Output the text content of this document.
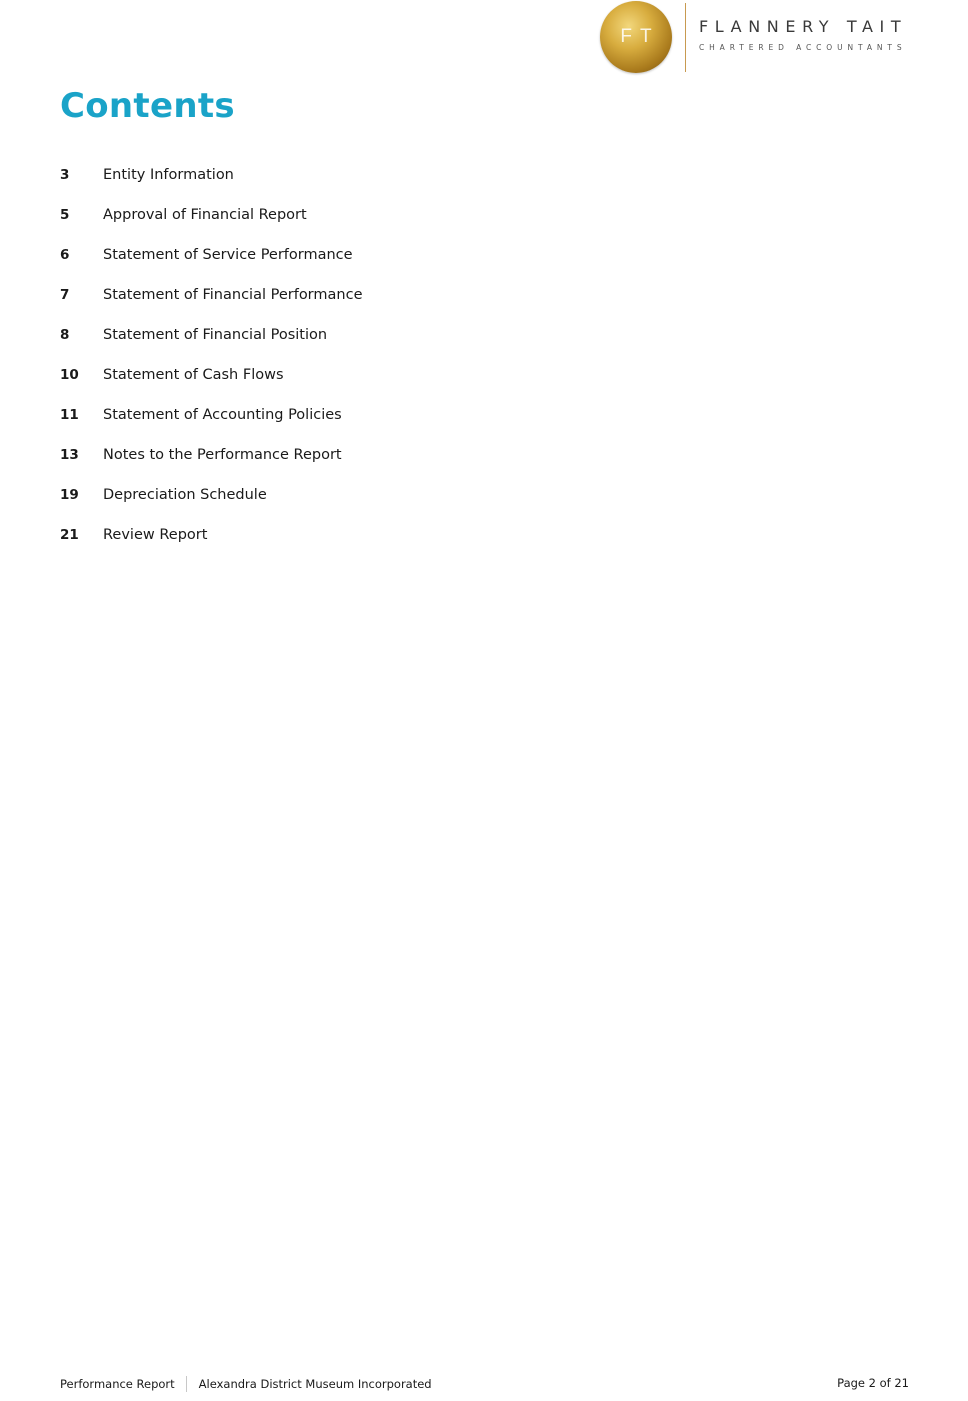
FT	FLANNERY TAIT
CHARTERED ACCOUNTANTS
Contents
3	Entity Information
5	Approval of Financial Report
6	Statement of Service Performance
7	Statement of Financial Performance
8	Statement of Financial Position
10	Statement of Cash Flows
11	Statement of Accounting Policies
13	Notes to the Performance Report
19	Depreciation Schedule
21	Review Report
Performance Report Alexandra District Museum Incorporated	Page 2 of 21
